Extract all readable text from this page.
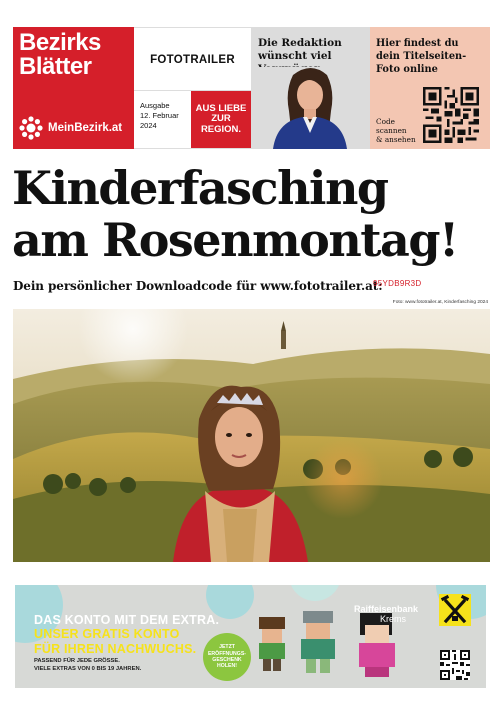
Bezirks
Blätter
MeinBezirk.at
FOTOTRAILER
Ausgabe
12. Februar
2024
AUS LIEBE
ZUR
REGION.
Die Redaktion
wünscht viel
Hier findest du
dein Titelseiten-
Foto online
Code
scannen
& ansehen
Kinderfasching
am Rosenmontag!
Dein persönlicher Downloadcode für www.fototrailer.at:
95YDB9R3D
Foto: www.fototrailer.at, Kinderfasching 2024
DAS KONTO MIT DEM EXTRA.
UNSER GRATIS KONTO
FÜR IHREN NACHWUCHS.
PASSEND FÜR JEDE GRÖSSE.
VIELE EXTRAS VON 0 BIS 19 JAHREN.
JETZT
ERÖFFNUNGS-
GESCHENK
HOLEN!
Raiffeisenbank
Krems
